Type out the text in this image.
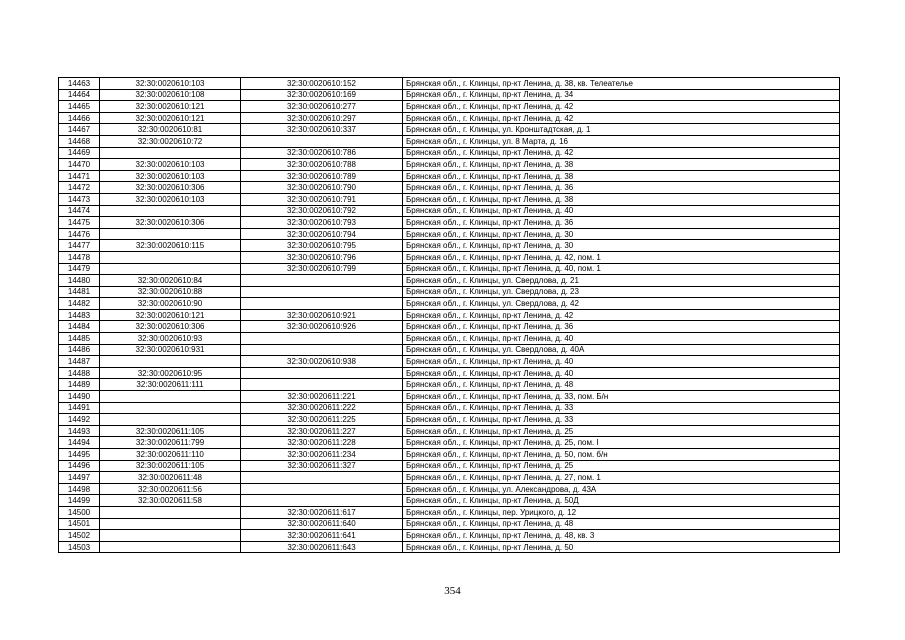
14463	32:30:0020610:103	32:30:0020610:152	Брянская обл., г. Клинцы, пр-кт Ленина, д. 38, кв. Телеателье
14464	32:30:0020610:108	32:30:0020610:169	Брянская обл., г. Клинцы, пр-кт Ленина, д. 34
14465	32:30:0020610:121	32:30:0020610:277	Брянская обл., г. Клинцы, пр-кт Ленина, д. 42
14466	32:30:0020610:121	32:30:0020610:297	Брянская обл., г. Клинцы, пр-кт Ленина, д. 42
14467	32:30:0020610:81	32:30:0020610:337	Брянская обл., г. Клинцы, ул. Кронштадтская, д. 1
14468	32:30:0020610:72		Брянская обл., г. Клинцы, ул. 8 Марта, д. 16
14469		32:30:0020610:786	Брянская обл., г. Клинцы, пр-кт Ленина, д. 42
14470	32:30:0020610:103	32:30:0020610:788	Брянская обл., г. Клинцы, пр-кт Ленина, д. 38
14471	32:30:0020610:103	32:30:0020610:789	Брянская обл., г. Клинцы, пр-кт Ленина, д. 38
14472	32:30:0020610:306	32:30:0020610:790	Брянская обл., г. Клинцы, пр-кт Ленина, д. 36
14473	32:30:0020610:103	32:30:0020610:791	Брянская обл., г. Клинцы, пр-кт Ленина, д. 38
14474		32:30:0020610:792	Брянская обл., г. Клинцы, пр-кт Ленина, д. 40
14475	32:30:0020610:306	32:30:0020610:793	Брянская обл., г. Клинцы, пр-кт Ленина, д. 36
14476		32:30:0020610:794	Брянская обл., г. Клинцы, пр-кт Ленина, д. 30
14477	32:30:0020610:115	32:30:0020610:795	Брянская обл., г. Клинцы, пр-кт Ленина, д. 30
14478		32:30:0020610:796	Брянская обл., г. Клинцы, пр-кт Ленина, д. 42, пом. 1
14479		32:30:0020610:799	Брянская обл., г. Клинцы, пр-кт Ленина, д. 40, пом. 1
14480	32:30:0020610:84		Брянская обл., г. Клинцы, ул. Свердлова, д. 21
14481	32:30:0020610:88		Брянская обл., г. Клинцы, ул. Свердлова, д. 23
14482	32:30:0020610:90		Брянская обл., г. Клинцы, ул. Свердлова, д. 42
14483	32:30:0020610:121	32:30:0020610:921	Брянская обл., г. Клинцы, пр-кт Ленина, д. 42
14484	32:30:0020610:306	32:30:0020610:926	Брянская обл., г. Клинцы, пр-кт Ленина, д. 36
14485	32:30:0020610:93		Брянская обл., г. Клинцы, пр-кт Ленина, д. 40
14486	32:30:0020610:931		Брянская обл., г. Клинцы, ул. Свердлова, д. 40А
14487		32:30:0020610:938	Брянская обл., г. Клинцы, пр-кт Ленина, д. 40
14488	32:30:0020610:95		Брянская обл., г. Клинцы, пр-кт Ленина, д. 40
14489	32:30:0020611:111		Брянская обл., г. Клинцы, пр-кт Ленина, д. 48
14490		32:30:0020611:221	Брянская обл., г. Клинцы, пр-кт Ленина, д. 33, пом. Б/н
14491		32:30:0020611:222	Брянская обл., г. Клинцы, пр-кт Ленина, д. 33
14492		32:30:0020611:225	Брянская обл., г. Клинцы, пр-кт Ленина, д. 33
14493	32:30:0020611:105	32:30:0020611:227	Брянская обл., г. Клинцы, пр-кт Ленина, д. 25
14494	32:30:0020611:799	32:30:0020611:228	Брянская обл., г. Клинцы, пр-кт Ленина, д. 25, пом. I
14495	32:30:0020611:110	32:30:0020611:234	Брянская обл., г. Клинцы, пр-кт Ленина, д. 50, пом. б/н
14496	32:30:0020611:105	32:30:0020611:327	Брянская обл., г. Клинцы, пр-кт Ленина, д. 25
14497	32:30:0020611:48		Брянская обл., г. Клинцы, пр-кт Ленина, д. 27, пом. 1
14498	32:30:0020611:56		Брянская обл., г. Клинцы, ул. Александрова, д. 43А
14499	32:30:0020611:58		Брянская обл., г. Клинцы, пр-кт Ленина, д. 50Д
14500		32:30:0020611:617	Брянская обл., г. Клинцы, пер. Урицкого, д. 12
14501		32:30:0020611:640	Брянская обл., г. Клинцы, пр-кт Ленина, д. 48
14502		32:30:0020611:641	Брянская обл., г. Клинцы, пр-кт Ленина, д. 48, кв. 3
14503		32:30:0020611:643	Брянская обл., г. Клинцы, пр-кт Ленина, д. 50
354
